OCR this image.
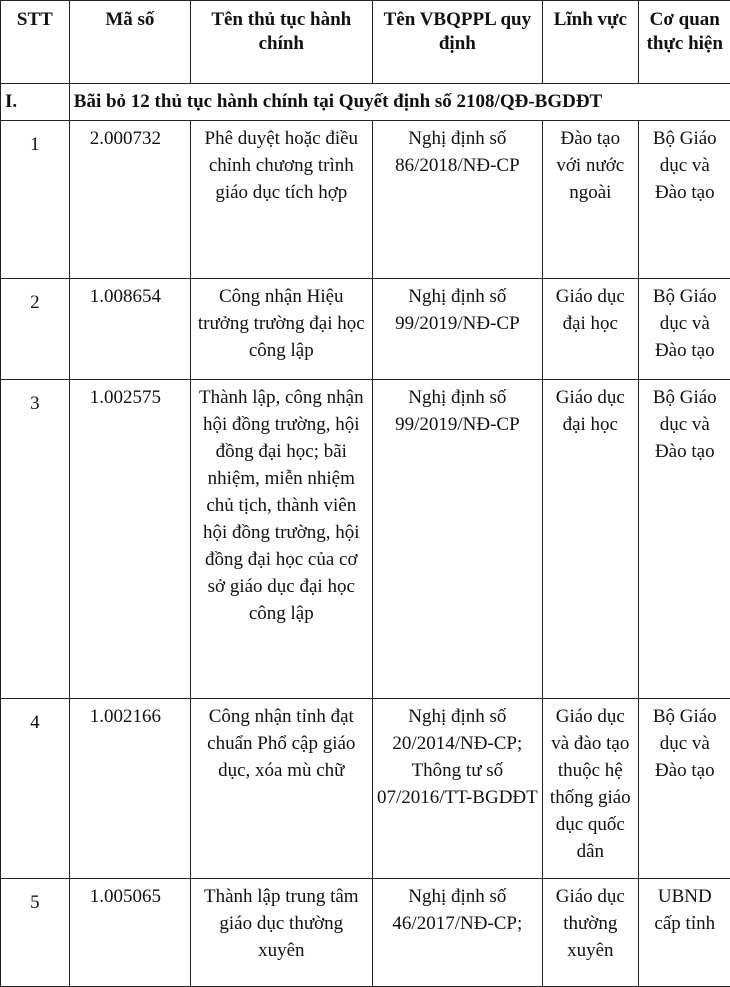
STT	Mã số	Tên thủ tục hành chính	Tên VBQPPL quy định	Lĩnh vực	Cơ quan thực hiện
I.	Bãi bỏ 12 thủ tục hành chính tại Quyết định số 2108/QĐ-BGDĐT				
1	2.000732	Phê duyệt hoặc điều chỉnh chương trình giáo dục tích hợp	Nghị định số 86/2018/NĐ-CP	Đào tạo với nước ngoài	Bộ Giáo dục và Đào tạo
2	1.008654	Công nhận Hiệu trưởng trường đại học công lập	Nghị định số 99/2019/NĐ-CP	Giáo dục đại học	Bộ Giáo dục và Đào tạo
3	1.002575	Thành lập, công nhận hội đồng trường, hội đồng đại học; bãi nhiệm, miễn nhiệm chủ tịch, thành viên hội đồng trường, hội đồng đại học của cơ sở giáo dục đại học công lập	Nghị định số 99/2019/NĐ-CP	Giáo dục đại học	Bộ Giáo dục và Đào tạo
4	1.002166	Công nhận tỉnh đạt chuẩn Phổ cập giáo dục, xóa mù chữ	Nghị định số 20/2014/NĐ-CP; Thông tư số 07/2016/TT-BGDĐT	Giáo dục và đào tạo thuộc hệ thống giáo dục quốc dân	Bộ Giáo dục và Đào tạo
5	1.005065	Thành lập trung tâm giáo dục thường xuyên	Nghị định số 46/2017/NĐ-CP;	Giáo dục thường xuyên	UBND cấp tỉnh
